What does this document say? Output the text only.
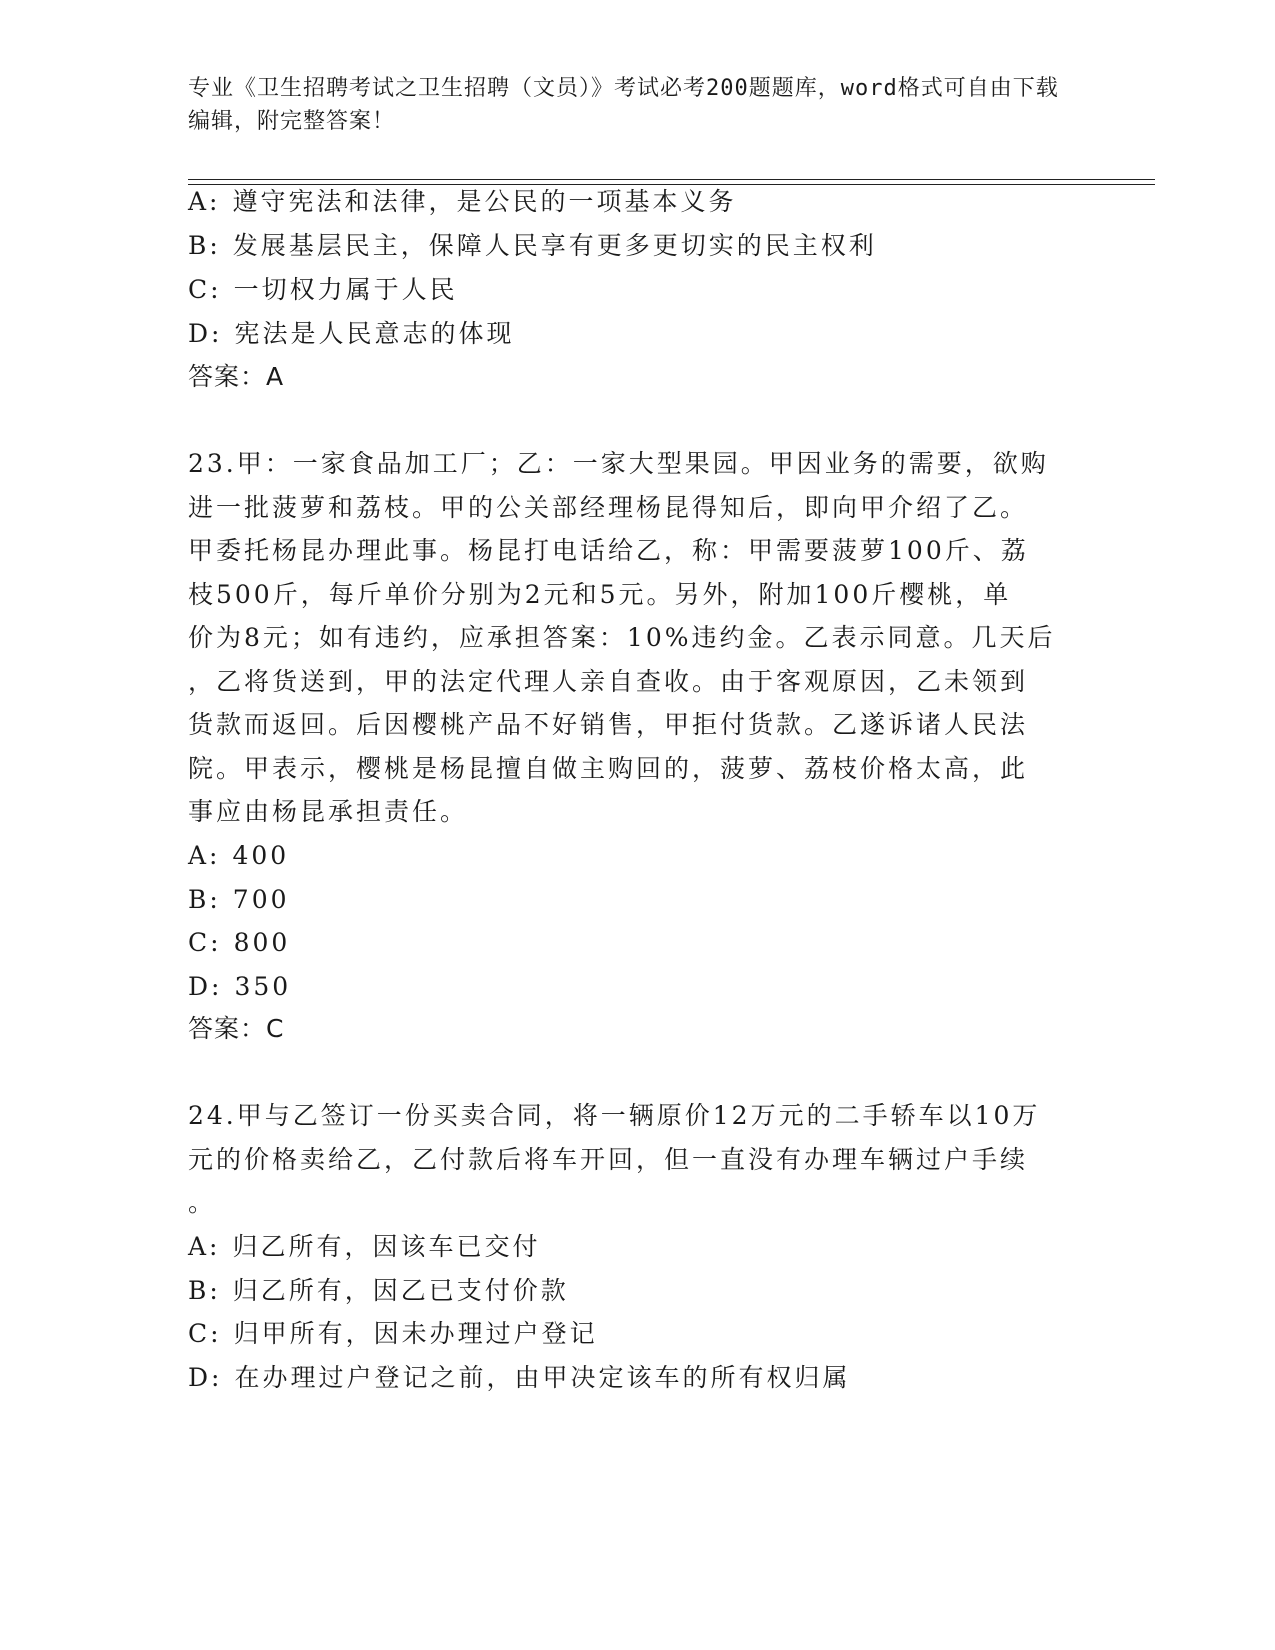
专业《卫生招聘考试之卫生招聘（文员）》考试必考200题题库，word格式可自由下载编辑，附完整答案！
A: 遵守宪法和法律，是公民的一项基本义务
B: 发展基层民主，保障人民享有更多更切实的民主权利
C: 一切权力属于人民
D: 宪法是人民意志的体现
答案：A
23.甲：一家食品加工厂；乙：一家大型果园。甲因业务的需要，欲购
进一批菠萝和荔枝。甲的公关部经理杨昆得知后，即向甲介绍了乙。
甲委托杨昆办理此事。杨昆打电话给乙，称：甲需要菠萝100斤、荔
枝500斤，每斤单价分别为2元和5元。另外，附加100斤樱桃，单
价为8元；如有违约，应承担答案：10%违约金。乙表示同意。几天后
，乙将货送到，甲的法定代理人亲自查收。由于客观原因，乙未领到
货款而返回。后因樱桃产品不好销售，甲拒付货款。乙遂诉诸人民法
院。甲表示，樱桃是杨昆擅自做主购回的，菠萝、荔枝价格太高，此
事应由杨昆承担责任。
A: 400
B: 700
C: 800
D: 350
答案：C
24.甲与乙签订一份买卖合同，将一辆原价12万元的二手轿车以10万
元的价格卖给乙，乙付款后将车开回，但一直没有办理车辆过户手续
。
A: 归乙所有，因该车已交付
B: 归乙所有，因乙已支付价款
C: 归甲所有，因未办理过户登记
D: 在办理过户登记之前，由甲决定该车的所有权归属
